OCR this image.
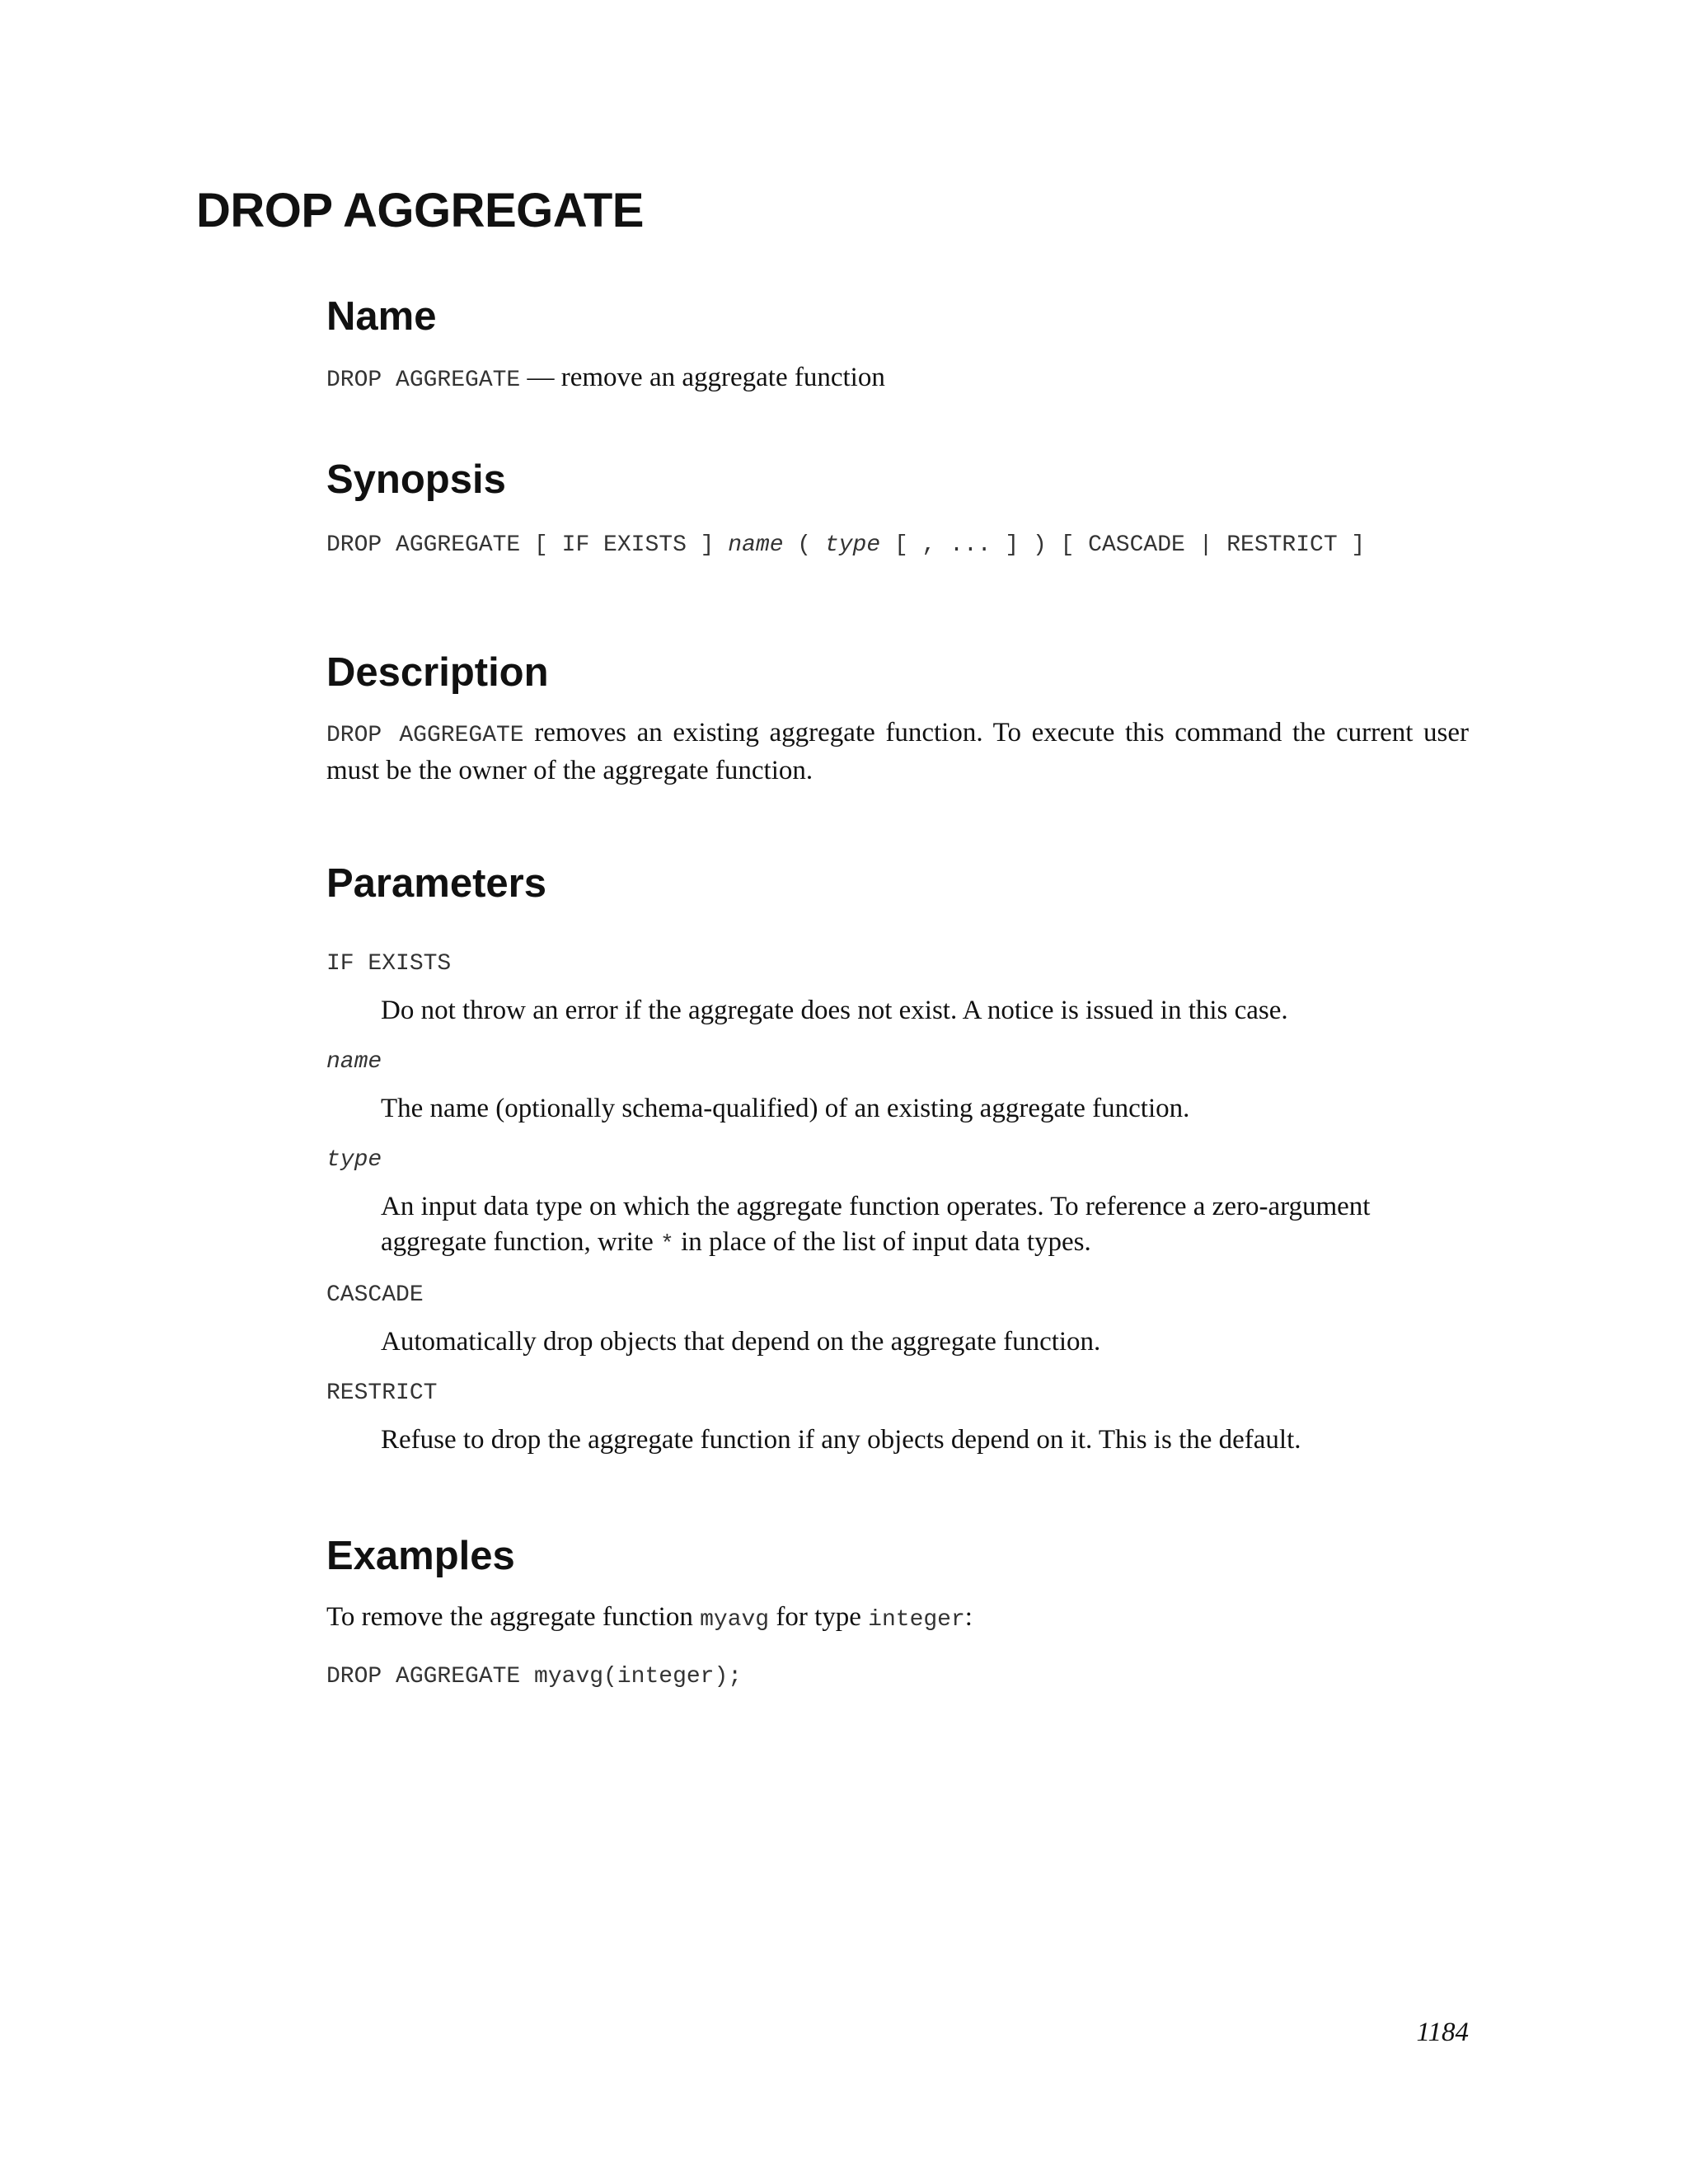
DROP AGGREGATE
Name

DROP AGGREGATE — remove an aggregate function

Synopsis

DROP AGGREGATE [ IF EXISTS ] name ( type [ , ... ] ) [ CASCADE | RESTRICT ]

Description

DROP AGGREGATE removes an existing aggregate function. To execute this command the current user must be the owner of the aggregate function.

Parameters

IF EXISTS

Do not throw an error if the aggregate does not exist. A notice is issued in this case.

name

The name (optionally schema-qualified) of an existing aggregate function.

type

An input data type on which the aggregate function operates. To reference a zero-argument aggregate function, write * in place of the list of input data types.

CASCADE

Automatically drop objects that depend on the aggregate function.

RESTRICT

Refuse to drop the aggregate function if any objects depend on it. This is the default.

Examples

To remove the aggregate function myavg for type integer:

DROP AGGREGATE myavg(integer);

1184
